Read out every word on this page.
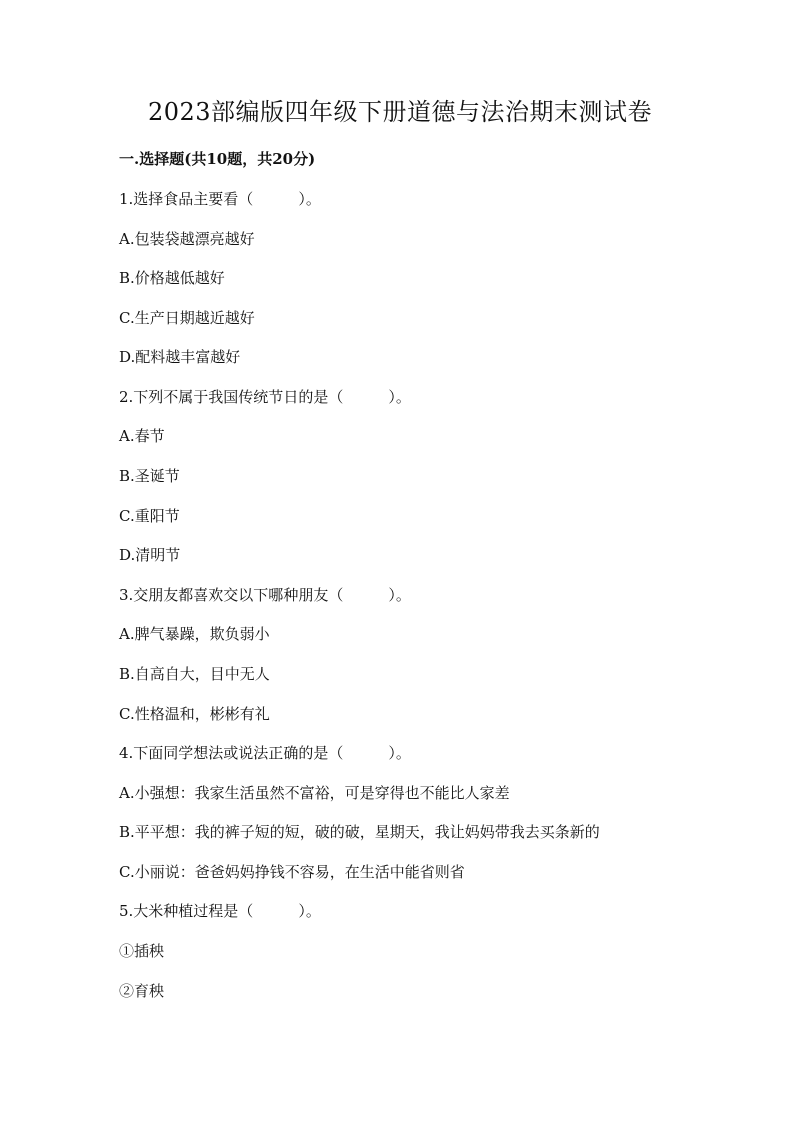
2023部编版四年级下册道德与法治期末测试卷
一.选择题(共10题，共20分)
1.选择食品主要看（　　　）。
A.包装袋越漂亮越好
B.价格越低越好
C.生产日期越近越好
D.配料越丰富越好
2.下列不属于我国传统节日的是（　　　）。
A.春节
B.圣诞节
C.重阳节
D.清明节
3.交朋友都喜欢交以下哪种朋友（　　　）。
A.脾气暴躁，欺负弱小
B.自高自大，目中无人
C.性格温和，彬彬有礼
4.下面同学想法或说法正确的是（　　　）。
A.小强想：我家生活虽然不富裕，可是穿得也不能比人家差
B.平平想：我的裤子短的短，破的破，星期天，我让妈妈带我去买条新的
C.小丽说：爸爸妈妈挣钱不容易，在生活中能省则省
5.大米种植过程是（　　　）。
①插秧
②育秧
